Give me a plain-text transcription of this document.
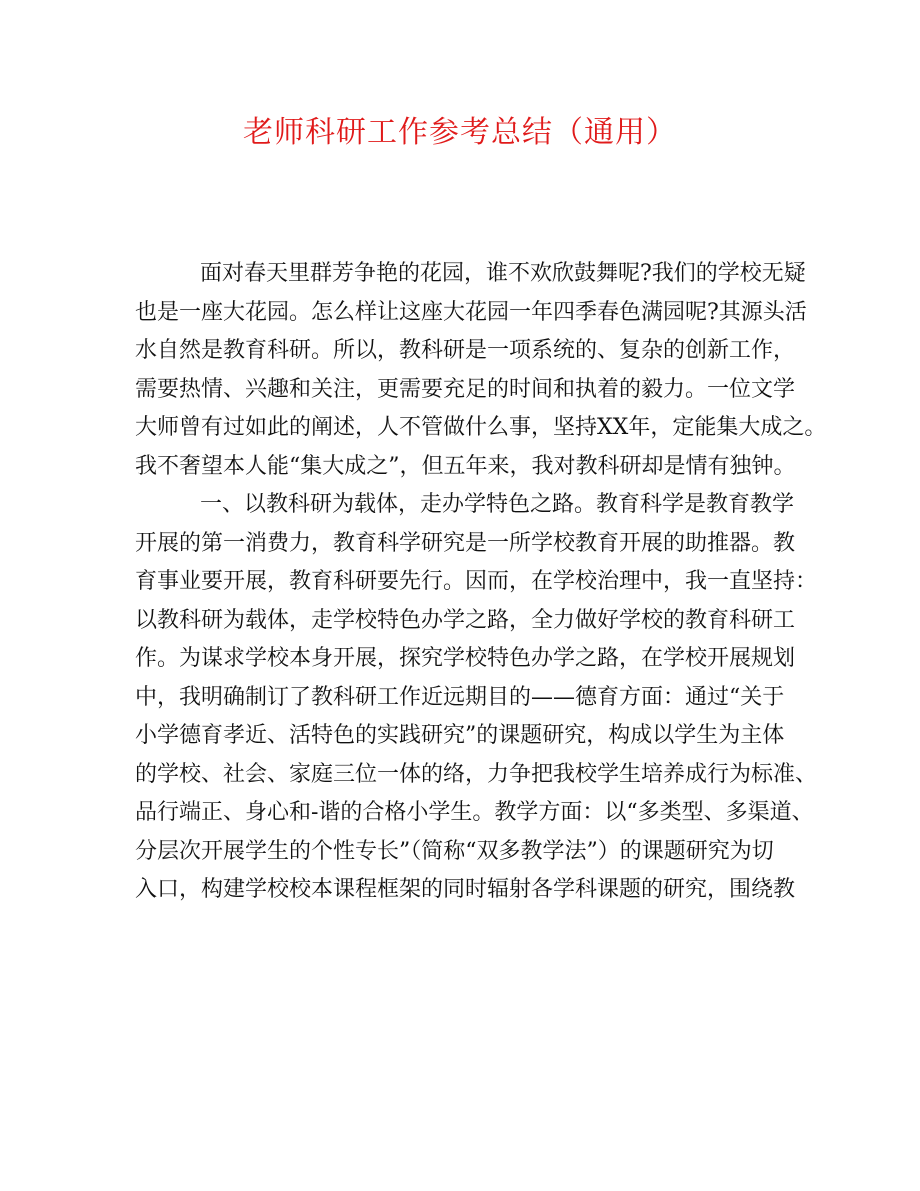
老师科研工作参考总结（通用）
面对春天里群芳争艳的花园，谁不欢欣鼓舞呢?我们的学校无疑
也是一座大花园。怎么样让这座大花园一年四季春色满园呢?其源头活
水自然是教育科研。所以，教科研是一项系统的、复杂的创新工作，
需要热情、兴趣和关注，更需要充足的时间和执着的毅力。一位文学
大师曾有过如此的阐述，人不管做什么事，坚持XX年，定能集大成之。
我不奢望本人能“集大成之”，但五年来，我对教科研却是情有独钟。
一、以教科研为载体，走办学特色之路。教育科学是教育教学
开展的第一消费力，教育科学研究是一所学校教育开展的助推器。教
育事业要开展，教育科研要先行。因而，在学校治理中，我一直坚持：
以教科研为载体，走学校特色办学之路，全力做好学校的教育科研工
作。为谋求学校本身开展，探究学校特色办学之路，在学校开展规划
中，我明确制订了教科研工作近远期目的——德育方面：通过“关于
小学德育孝近、活特色的实践研究”的课题研究，构成以学生为主体
的学校、社会、家庭三位一体的络，力争把我校学生培养成行为标准、
品行端正、身心和-谐的合格小学生。教学方面：以“多类型、多渠道、
分层次开展学生的个性专长”（简称“双多教学法”）的课题研究为切
入口，构建学校校本课程框架的同时辐射各学科课题的研究，围绕教
